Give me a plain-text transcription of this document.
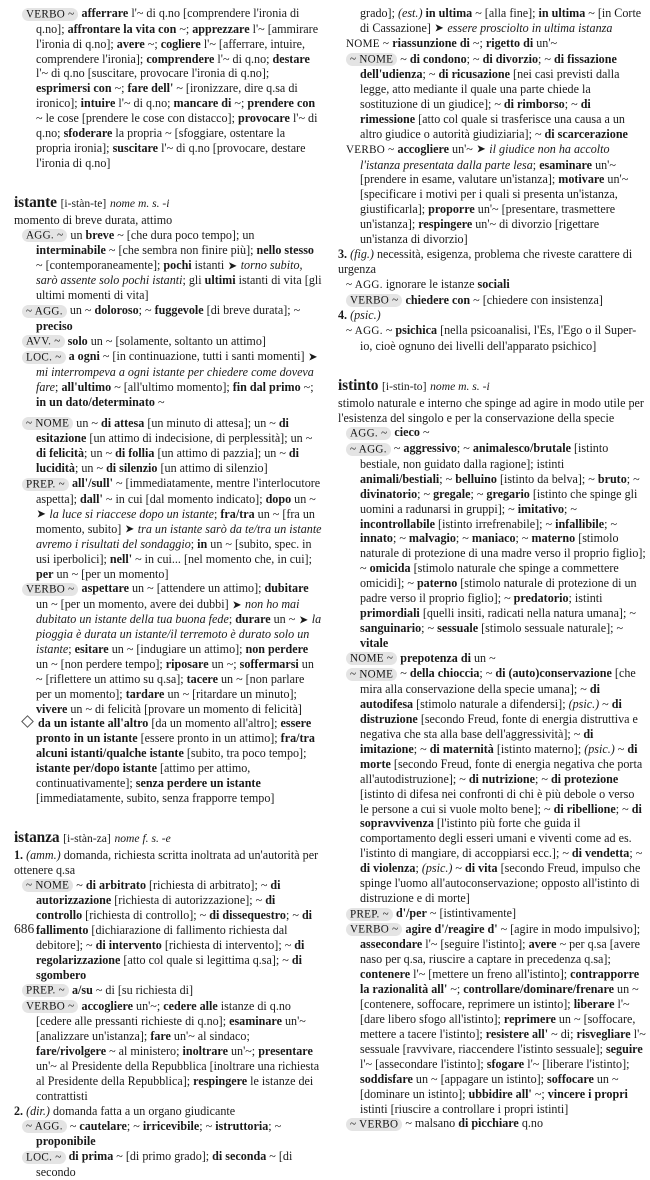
VERBO ~ afferrare l'~ di q.no [comprendere l'ironia di q.no]; affrontare la vita con ~; apprezzare l'~ [ammirare l'ironia di q.no]; avere ~; cogliere l'~ [afferrare, intuire, comprendere l'ironia]; comprendere l'~ di q.no; destare l'~ di q.no [suscitare, provocare l'ironia di q.no]; esprimersi con ~; fare dell' ~ [ironizzare, dire q.sa di ironico]; intuire l'~ di q.no; mancare di ~; prendere con ~ le cose [prendere le cose con distacco]; provocare l'~ di q.no; sfoderare la propria ~ [sfoggiare, ostentare la propria ironia]; suscitare l'~ di q.no [provocare, destare l'ironia di q.no]
istante [i-stàn-te] nome m. s. -i
momento di breve durata, attimo
AGG. ~ un breve ~ [che dura poco tempo]; un interminabile ~ [che sembra non finire più]; nello stesso ~ [contemporaneamente]; pochi istanti ➤ torno subito, sarò assente solo pochi istanti; gli ultimi istanti di vita [gli ultimi momenti di vita]
~ AGG. un ~ doloroso; ~ fuggevole [di breve durata]; ~ preciso
AVV. ~ solo un ~ [solamente, soltanto un attimo]
LOC. ~ a ogni ~ [in continuazione, tutti i santi momenti] ➤ mi interrompeva a ogni istante per chiedere come doveva fare; all'ultimo ~ [all'ultimo momento]; fin dal primo ~; in un dato/determinato ~
~ NOME un ~ di attesa [un minuto di attesa]; un ~ di esitazione [un attimo di indecisione, di perplessità]; un ~ di felicità; un ~ di follia [un attimo di pazzia]; un ~ di lucidità; un ~ di silenzio [un attimo di silenzio]
PREP. ~ all'/sull' ~ [immediatamente, mentre l'interlocutore aspetta]; dall' ~ in cui [dal momento indicato]; dopo un ~ ➤ la luce si riaccese dopo un istante; fra/tra un ~ [fra un momento, subito] ➤ tra un istante sarò da te/tra un istante avremo i risultati del sondaggio; in un ~ [subito, spec. in usi iperbolici]; nell' ~ in cui... [nel momento che, in cui]; per un ~ [per un momento]
VERBO ~ aspettare un ~ [attendere un attimo]; dubitare un ~ [per un momento, avere dei dubbi] ➤ non ho mai dubitato un istante della tua buona fede; durare un ~ ➤ la pioggia è durata un istante/il terremoto è durato solo un istante; esitare un ~ [indugiare un attimo]; non perdere un ~ [non perdere tempo]; riposare un ~; soffermarsi un ~ [riflettere un attimo su q.sa]; tacere un ~ [non parlare per un momento]; tardare un ~ [ritardare un minuto]; vivere un ~ di felicità [provare un momento di felicità]
da un istante all'altro [da un momento all'altro]; essere pronto in un istante [essere pronto in un attimo]; fra/tra alcuni istanti/qualche istante [subito, tra poco tempo]; istante per/dopo istante [attimo per attimo, continuativamente]; senza perdere un istante [immediatamente, subito, senza frapporre tempo]
istanza [i-stàn-za] nome f. s. -e
1. (amm.) domanda, richiesta scritta inoltrata ad un'autorità per ottenere q.sa
~ NOME ~ di arbitrato [richiesta di arbitrato]; ~ di autorizzazione [richiesta di autorizzazione]; ~ di controllo [richiesta di controllo]; ~ di dissequestro; ~ di fallimento [dichiarazione di fallimento richiesta dal debitore]; ~ di intervento [richiesta di intervento]; ~ di regolarizzazione [atto col quale si legittima q.sa]; ~ di sgombero
PREP. ~ a/su ~ di [su richiesta di]
VERBO ~ accogliere un'~; cedere alle istanze di q.no [cedere alle pressanti richieste di q.no]; esaminare un'~ [analizzare un'istanza]; fare un'~ al sindaco; fare/rivolgere ~ al ministero; inoltrare un'~; presentare un'~ al Presidente della Repubblica [inoltrare una richiesta al Presidente della Repubblica]; respingere le istanze dei contrattisti
2. (dir.) domanda fatta a un organo giudicante
~ AGG. ~ cautelare; ~ irricevibile; ~ istruttoria; ~ proponibile
LOC. ~ di prima ~ [di primo grado]; di seconda ~ [di secondo
grado]; (est.) in ultima ~ [alla fine]; in ultima ~ [in Corte di Cassazione] ➤ essere prosciolto in ultima istanza
NOME ~ riassunzione di ~; rigetto di un'~
~ NOME ~ di condono; ~ di divorzio; ~ di fissazione dell'udienza; ~ di ricusazione [nei casi previsti dalla legge, atto mediante il quale una parte chiede la sostituzione di un giudice]; ~ di rimborso; ~ di rimessione [atto col quale si trasferisce una causa a un altro giudice o autorità giudiziaria]; ~ di scarcerazione
VERBO ~ accogliere un'~ ➤ il giudice non ha accolto l'istanza presentata dalla parte lesa; esaminare un'~ [prendere in esame, valutare un'istanza]; motivare un'~ [specificare i motivi per i quali si presenta un'istanza, giustificarla]; proporre un'~ [presentare, trasmettere un'istanza]; respingere un'~ di divorzio [rigettare un'istanza di divorzio]
3. (fig.) necessità, esigenza, problema che riveste carattere di urgenza
~ AGG. ignorare le istanze sociali
VERBO ~ chiedere con ~ [chiedere con insistenza]
4. (psic.)
~ AGG. ~ psichica [nella psicoanalisi, l'Es, l'Ego o il Super-io, cioè ognuno dei livelli dell'apparato psichico]
istinto [i-stin-to] nome m. s. -i
stimolo naturale e interno che spinge ad agire in modo utile per l'esistenza del singolo e per la conservazione della specie
AGG. ~ cieco ~
~ AGG. ~ aggressivo; ~ animalesco/brutale [istinto bestiale, non guidato dalla ragione]; istinti animali/bestiali; ~ belluino [istinto da belva]; ~ bruto; ~ divinatorio; ~ gregale; ~ gregario [istinto che spinge gli uomini a radunarsi in gruppi]; ~ imitativo; ~ incontrollabile [istinto irrefrenabile]; ~ infallibile; ~ innato; ~ malvagio; ~ maniaco; ~ materno [stimolo naturale di protezione di una madre verso il proprio figlio]; ~ omicida [stimolo naturale che spinge a commettere omicidi]; ~ paterno [stimolo naturale di protezione di un padre verso il proprio figlio]; ~ predatorio; istinti primordiali [quelli insiti, radicati nella natura umana]; ~ sanguinario; ~ sessuale [stimolo sessuale naturale]; ~ vitale
NOME ~ prepotenza di un ~
~ NOME ~ della chioccia; ~ di (auto)conservazione [che mira alla conservazione della specie umana]; ~ di autodifesa [stimolo naturale a difendersi]; (psic.) ~ di distruzione [secondo Freud, fonte di energia distruttiva e negativa che sta alla base dell'aggressività]; ~ di imitazione; ~ di maternità [istinto materno]; (psic.) ~ di morte [secondo Freud, fonte di energia negativa che porta all'autodistruzione]; ~ di nutrizione; ~ di protezione [istinto di difesa nei confronti di chi è più debole o verso le persone a cui si vuole molto bene]; ~ di ribellione; ~ di sopravvivenza [l'istinto più forte che guida il comportamento degli esseri umani e viventi come ad es. l'istinto di mangiare, di accoppiarsi ecc.]; ~ di vendetta; ~ di violenza; (psic.) ~ di vita [secondo Freud, impulso che spinge l'uomo all'autoconservazione; opposto all'istinto di distruzione e di morte]
PREP. ~ d'/per ~ [istintivamente]
VERBO ~ agire d'/reagire d' ~ [agire in modo impulsivo]; assecondare l'~ [seguire l'istinto]; avere ~ per q.sa [avere naso per q.sa, riuscire a captare in precedenza q.sa]; contenere l'~ [mettere un freno all'istinto]; contrapporre la razionalità all' ~; controllare/dominare/frenare un ~ [contenere, soffocare, reprimere un istinto]; liberare l'~ [dare libero sfogo all'istinto]; reprimere un ~ [soffocare, mettere a tacere l'istinto]; resistere all' ~ di; risvegliare l'~ sessuale [ravvivare, riaccendere l'istinto sessuale]; seguire l'~ [assecondare l'istinto]; sfogare l'~ [liberare l'istinto]; soddisfare un ~ [appagare un istinto]; soffocare un ~ [dominare un istinto]; ubbidire all' ~; vincere i propri istinti [riuscire a controllare i propri istinti]
~ VERBO ~ malsano di picchiare q.no
686
